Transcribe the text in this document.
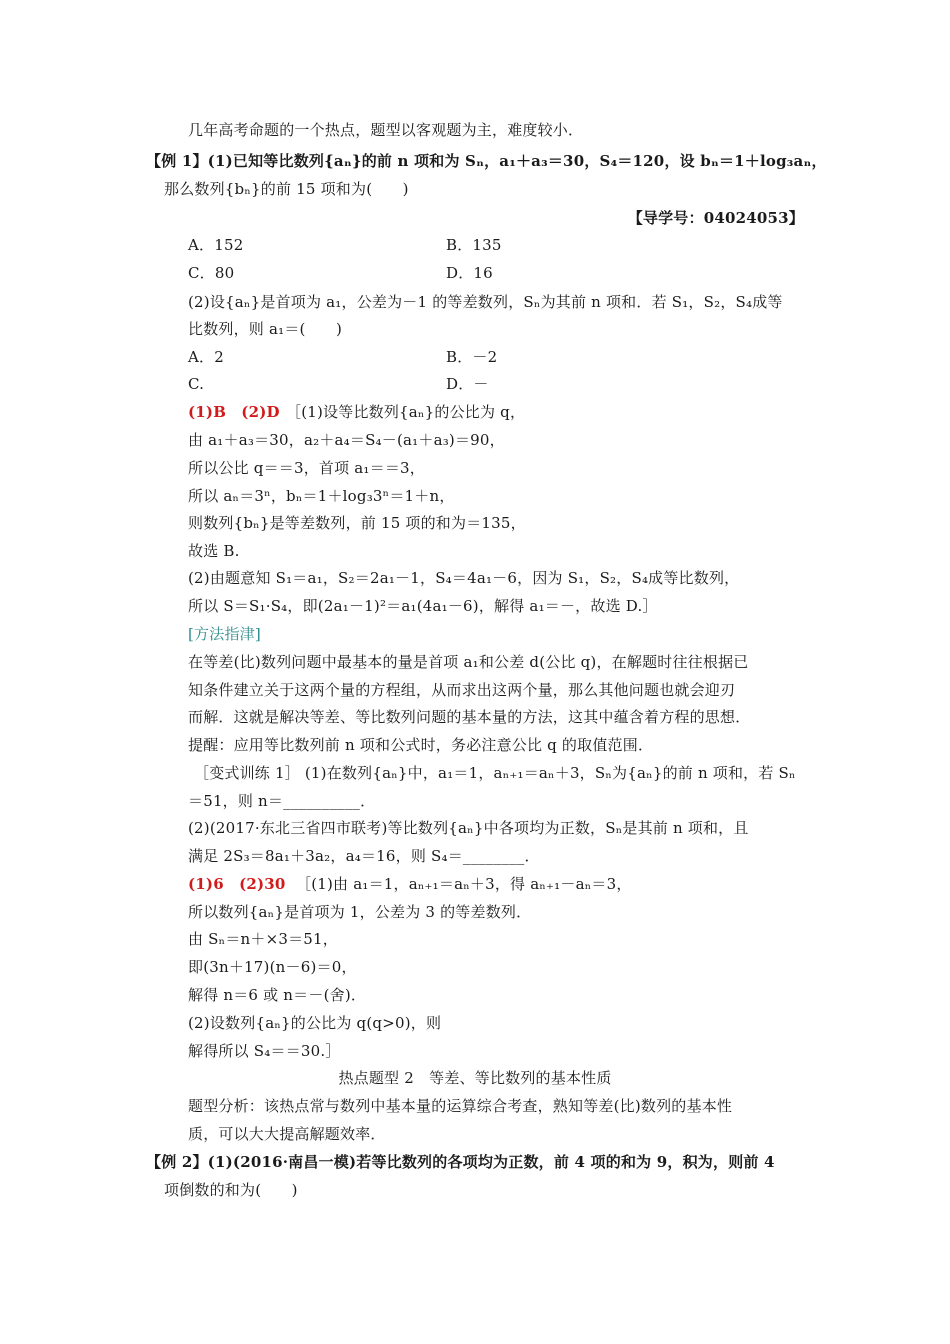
几年高考命题的一个热点，题型以客观题为主，难度较小．
【例 1】(1)已知等比数列{aₙ}的前 n 项和为 Sₙ，a₁＋a₃＝30，S₄＝120，设 bₙ＝1＋log₃aₙ，
那么数列{bₙ}的前 15 项和为(　　)
【导学号：04024053】
A．152	B．135
C．80	D．16
(2)设{aₙ}是首项为 a₁，公差为－1 的等差数列，Sₙ为其前 n 项和．若 S₁，S₂，S₄成等
比数列，则 a₁＝(　　)
A．2	B．－2
C.	D．－
(1)B　(2)D ［(1)设等比数列{aₙ}的公比为 q，
由 a₁＋a₃＝30，a₂＋a₄＝S₄－(a₁＋a₃)＝90，
所以公比 q＝＝3，首项 a₁＝＝3，
所以 aₙ＝3ⁿ，bₙ＝1＋log₃3ⁿ＝1＋n，
则数列{bₙ}是等差数列，前 15 项的和为＝135，
故选 B.
(2)由题意知 S₁＝a₁，S₂＝2a₁－1，S₄＝4a₁－6，因为 S₁，S₂，S₄成等比数列，
所以 S＝S₁·S₄，即(2a₁－1)²＝a₁(4a₁－6)，解得 a₁＝－，故选 D.］
[方法指津]
在等差(比)数列问题中最基本的量是首项 a₁和公差 d(公比 q)，在解题时往往根据已
知条件建立关于这两个量的方程组，从而求出这两个量，那么其他问题也就会迎刃
而解．这就是解决等差、等比数列问题的基本量的方法，这其中蕴含着方程的思想．
提醒：应用等比数列前 n 项和公式时，务必注意公比 q 的取值范围．
［变式训练 1］ (1)在数列{aₙ}中，a₁＝1，aₙ₊₁＝aₙ＋3，Sₙ为{aₙ}的前 n 项和，若 Sₙ
＝51，则 n＝__________．
(2)(2017·东北三省四市联考)等比数列{aₙ}中各项均为正数，Sₙ是其前 n 项和，且
满足 2S₃＝8a₁＋3a₂，a₄＝16，则 S₄＝________．
(1)6　(2)30 ［(1)由 a₁＝1，aₙ₊₁＝aₙ＋3，得 aₙ₊₁－aₙ＝3，
所以数列{aₙ}是首项为 1，公差为 3 的等差数列．
由 Sₙ＝n＋×3＝51，
即(3n＋17)(n－6)＝0，
解得 n＝6 或 n＝－(舍)．
(2)设数列{aₙ}的公比为 q(q>0)，则
解得所以 S₄＝＝30.］
热点题型 2　等差、等比数列的基本性质
题型分析：该热点常与数列中基本量的运算综合考查，熟知等差(比)数列的基本性
质，可以大大提高解题效率．
【例 2】(1)(2016·南昌一模)若等比数列的各项均为正数，前 4 项的和为 9，积为，则前 4
项倒数的和为(　　)
